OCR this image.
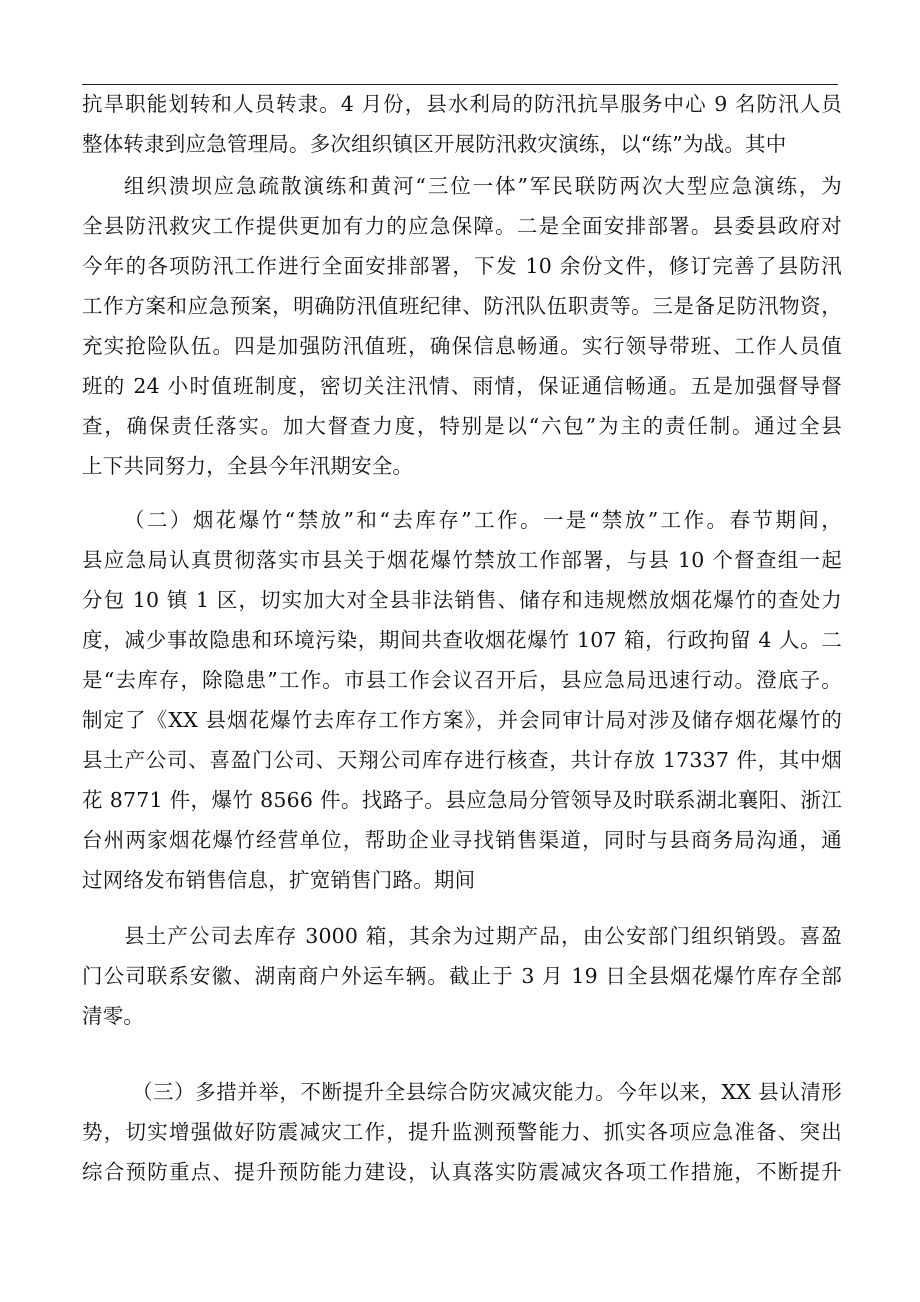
抗旱职能划转和人员转隶。4 月份，县水利局的防汛抗旱服务中心 9 名防汛人员
整体转隶到应急管理局。多次组织镇区开展防汛救灾演练，以“练”为战。其中
组织溃坝应急疏散演练和黄河“三位一体”军民联防两次大型应急演练，为
全县防汛救灾工作提供更加有力的应急保障。二是全面安排部署。县委县政府对
今年的各项防汛工作进行全面安排部署，下发 10 余份文件，修订完善了县防汛
工作方案和应急预案，明确防汛值班纪律、防汛队伍职责等。三是备足防汛物资，
充实抢险队伍。四是加强防汛值班，确保信息畅通。实行领导带班、工作人员值
班的 24 小时值班制度，密切关注汛情、雨情，保证通信畅通。五是加强督导督
查，确保责任落实。加大督查力度，特别是以“六包”为主的责任制。通过全县
上下共同努力，全县今年汛期安全。
（二）烟花爆竹“禁放”和“去库存”工作。一是“禁放”工作。春节期间，
县应急局认真贯彻落实市县关于烟花爆竹禁放工作部署，与县 10 个督查组一起
分包 10 镇 1 区，切实加大对全县非法销售、储存和违规燃放烟花爆竹的查处力
度，减少事故隐患和环境污染，期间共查收烟花爆竹 107 箱，行政拘留 4 人。二
是“去库存，除隐患”工作。市县工作会议召开后，县应急局迅速行动。澄底子。
制定了《XX 县烟花爆竹去库存工作方案》，并会同审计局对涉及储存烟花爆竹的
县土产公司、喜盈门公司、天翔公司库存进行核查，共计存放 17337 件，其中烟
花 8771 件，爆竹 8566 件。找路子。县应急局分管领导及时联系湖北襄阳、浙江
台州两家烟花爆竹经营单位，帮助企业寻找销售渠道，同时与县商务局沟通，通
过网络发布销售信息，扩宽销售门路。期间
县土产公司去库存 3000 箱，其余为过期产品，由公安部门组织销毁。喜盈
门公司联系安徽、湖南商户外运车辆。截止于 3 月 19 日全县烟花爆竹库存全部
清零。
（三）多措并举，不断提升全县综合防灾减灾能力。今年以来，XX 县认清形
势，切实增强做好防震减灾工作，提升监测预警能力、抓实各项应急准备、突出
综合预防重点、提升预防能力建设，认真落实防震减灾各项工作措施，不断提升
